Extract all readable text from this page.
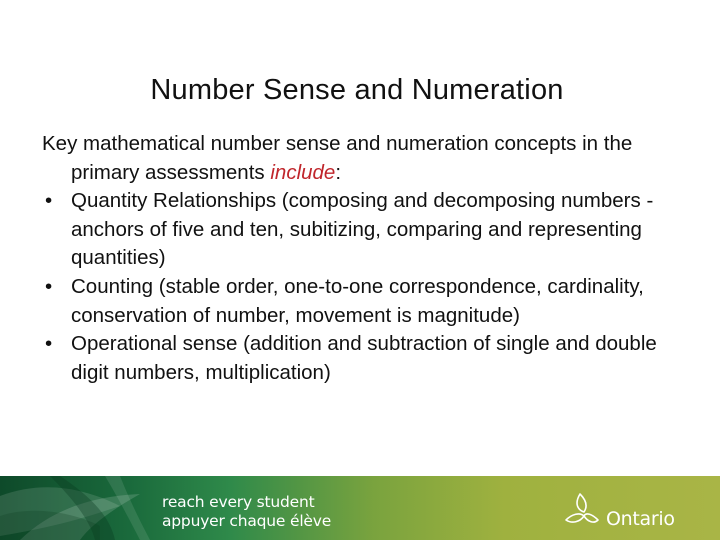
Number Sense and Numeration

Key mathematical number sense and numeration concepts in the primary assessments include:

• Quantity Relationships (composing and decomposing numbers - anchors of five and ten, subitizing, comparing and representing quantities)
• Counting (stable order, one-to-one correspondence, cardinality, conservation of number, movement is magnitude)
• Operational sense (addition and subtraction of single and double digit numbers, multiplication)
reach every student
appuyer chaque élève	Ontario
